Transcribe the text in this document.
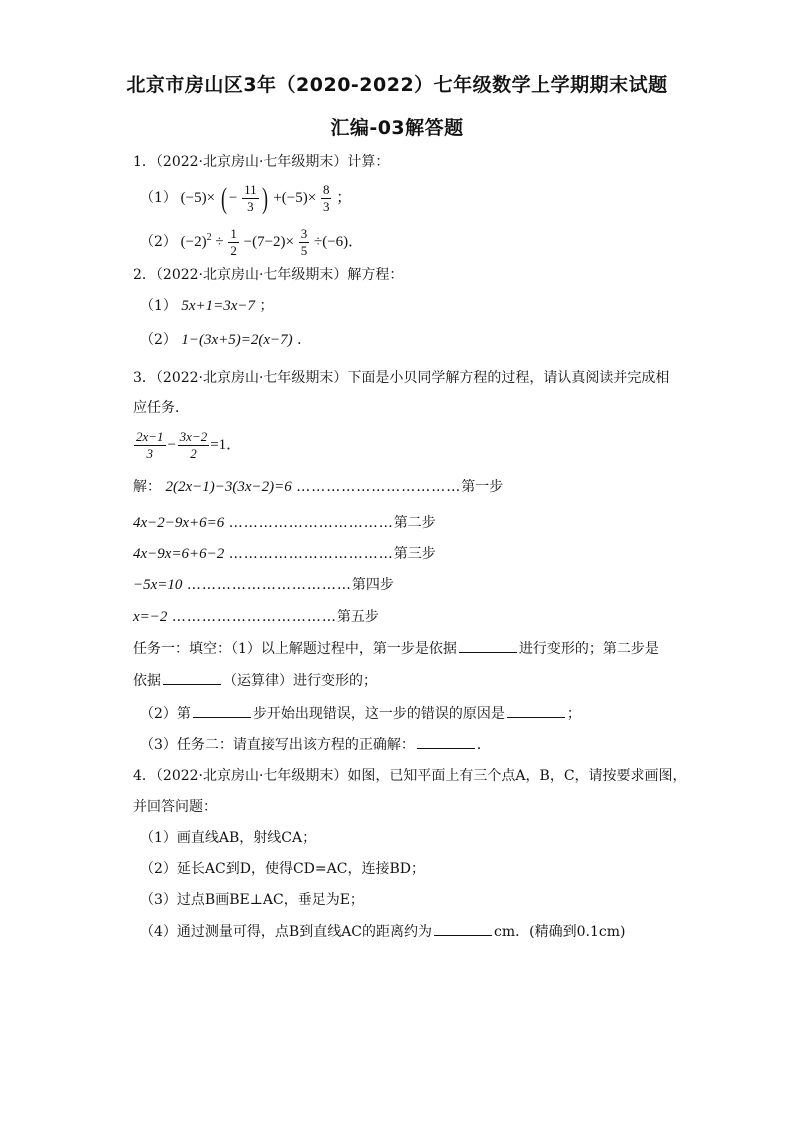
北京市房山区3年（2020-2022）七年级数学上学期期末试题
汇编-03解答题
1．（2022·北京房山·七年级期末）计算：
（1） (−5)× ( − $\frac{11}{3}$ ) $+(-5)\times \frac{8}{3}$ ；
（2） $(-2)^2 \div \frac{1}{2} -(7-2)\times \frac{3}{5} \div(-6)$．
2．（2022·北京房山·七年级期末）解方程：
（1） 5x+1=3x−7 ；
（2） 1−(3x+5)=2(x−7) ．
3．（2022·北京房山·七年级期末）下面是小贝同学解方程的过程，请认真阅读并完成相
应任务．
$\frac{2x-1}{3} - \frac{3x-2}{2} =1$．
解： 2(2x−1)−3(3x−2)=6 ……………………………第一步
4x−2−9x+6=6 ……………………………第二步
4x−9x=6+6−2 ……………………………第三步
−5x=10 ……………………………第四步
x=−2 ……………………………第五步
任务一：填空：（1）以上解题过程中，第一步是依据	进行变形的；第二步是
依据	（运算律）进行变形的；
（2）第	步开始出现错误，这一步的错误的原因是	；
（3）任务二：请直接写出该方程的正确解：	．
4．（2022·北京房山·七年级期末）如图，已知平面上有三个点A，B，C，请按要求画图，
并回答问题：
（1）画直线AB，射线CA；
（2）延长AC到D，使得CD=AC，连接BD；
（3）过点B画BE⊥AC，垂足为E；
（4）通过测量可得，点B到直线AC的距离约为	cm．(精确到0.1cm)
